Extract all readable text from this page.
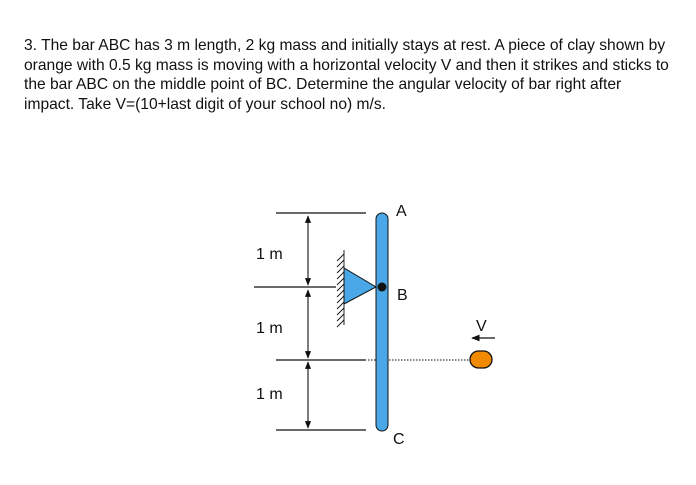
3. The bar ABC has 3 m length, 2 kg mass and initially stays at rest. A piece of clay shown by orange with 0.5 kg mass is moving with a horizontal velocity V and then it strikes and sticks to the bar ABC on the middle point of BC. Determine the angular velocity of bar right after impact. Take V=(10+last digit of your school no) m/s.

1 m
1 m
1 m
A
B
C
V
